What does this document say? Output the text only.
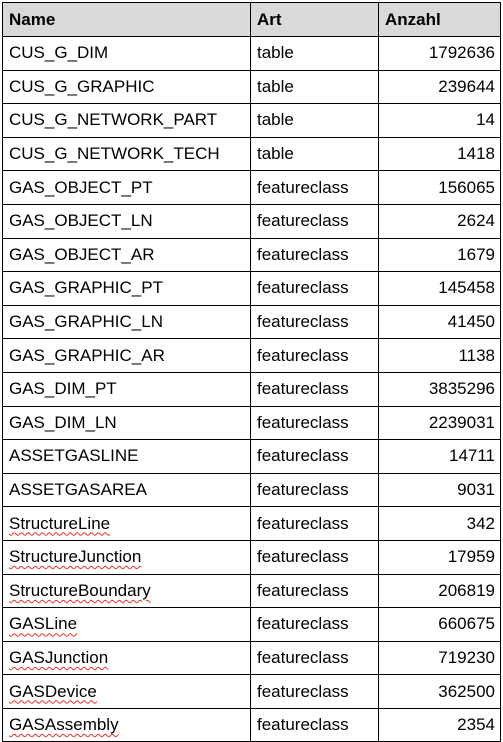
Name	Art	Anzahl
CUS_G_DIM	table	1792636
CUS_G_GRAPHIC	table	239644
CUS_G_NETWORK_PART	table	14
CUS_G_NETWORK_TECH	table	1418
GAS_OBJECT_PT	featureclass	156065
GAS_OBJECT_LN	featureclass	2624
GAS_OBJECT_AR	featureclass	1679
GAS_GRAPHIC_PT	featureclass	145458
GAS_GRAPHIC_LN	featureclass	41450
GAS_GRAPHIC_AR	featureclass	1138
GAS_DIM_PT	featureclass	3835296
GAS_DIM_LN	featureclass	2239031
ASSETGASLINE	featureclass	14711
ASSETGASAREA	featureclass	9031
StructureLine	featureclass	342
StructureJunction	featureclass	17959
StructureBoundary	featureclass	206819
GASLine	featureclass	660675
GASJunction	featureclass	719230
GASDevice	featureclass	362500
GASAssembly	featureclass	2354
